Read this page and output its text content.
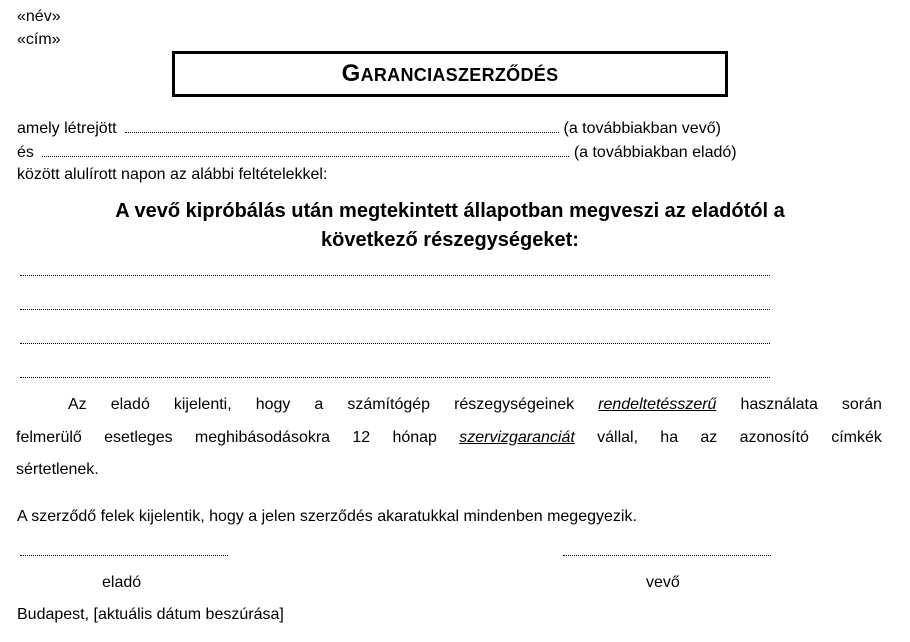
«név»
«cím»
GARANCIASZERZŐDÉS
amely létrejött	(a továbbiakban vevő)
és	(a továbbiakban eladó)
között alulírott napon az alábbi feltételekkel:
A vevő kipróbálás után megtekintett állapotban megveszi az eladótól a
következő részegységeket:
Az eladó kijelenti, hogy a számítógép részegységeinek rendeltetésszerű használata során
felmerülő esetleges meghibásodásokra 12 hónap szervizgaranciát vállal, ha az azonosító címkék
sértetlenek.
A szerződő felek kijelentik, hogy a jelen szerződés akaratukkal mindenben megegyezik.
eladó	vevő
Budapest, [aktuális dátum beszúrása]
